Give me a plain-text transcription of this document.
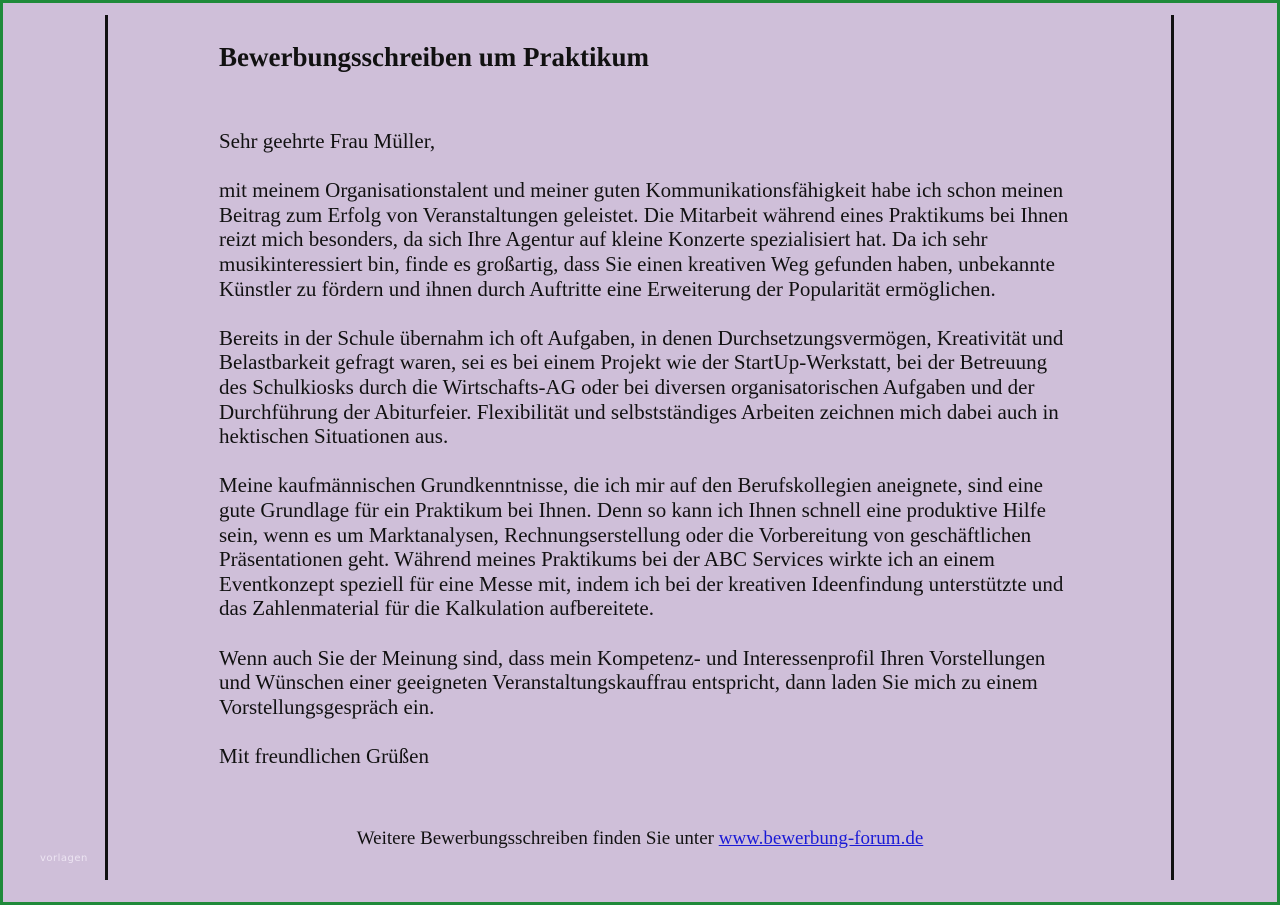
Bewerbungsschreiben um Praktikum

Sehr geehrte Frau Müller,

mit meinem Organisationstalent und meiner guten Kommunikationsfähigkeit habe ich schon meinen Beitrag zum Erfolg von Veranstaltungen geleistet. Die Mitarbeit während eines Praktikums bei Ihnen reizt mich besonders, da sich Ihre Agentur auf kleine Konzerte spezialisiert hat. Da ich sehr musikinteressiert bin, finde es großartig, dass Sie einen kreativen Weg gefunden haben, unbekannte Künstler zu fördern und ihnen durch Auftritte eine Erweiterung der Popularität ermöglichen.

Bereits in der Schule übernahm ich oft Aufgaben, in denen Durchsetzungsvermögen, Kreativität und Belastbarkeit gefragt waren, sei es bei einem Projekt wie der StartUp-Werkstatt, bei der Betreuung des Schulkiosks durch die Wirtschafts-AG oder bei diversen organisatorischen Aufgaben und der Durchführung der Abiturfeier. Flexibilität und selbstständiges Arbeiten zeichnen mich dabei auch in hektischen Situationen aus.

Meine kaufmännischen Grundkenntnisse, die ich mir auf den Berufskollegien aneignete, sind eine gute Grundlage für ein Praktikum bei Ihnen. Denn so kann ich Ihnen schnell eine produktive Hilfe sein, wenn es um Marktanalysen, Rechnungserstellung oder die Vorbereitung von geschäftlichen Präsentationen geht. Während meines Praktikums bei der ABC Services wirkte ich an einem Eventkonzept speziell für eine Messe mit, indem ich bei der kreativen Ideenfindung unterstützte und das Zahlenmaterial für die Kalkulation aufbereitete.

Wenn auch Sie der Meinung sind, dass mein Kompetenz- und Interessenprofil Ihren Vorstellungen und Wünschen einer geeigneten Veranstaltungskauffrau entspricht, dann laden Sie mich zu einem Vorstellungsgespräch ein.

Mit freundlichen Grüßen

Weitere Bewerbungsschreiben finden Sie unter www.bewerbung-forum.de
vorlagen
